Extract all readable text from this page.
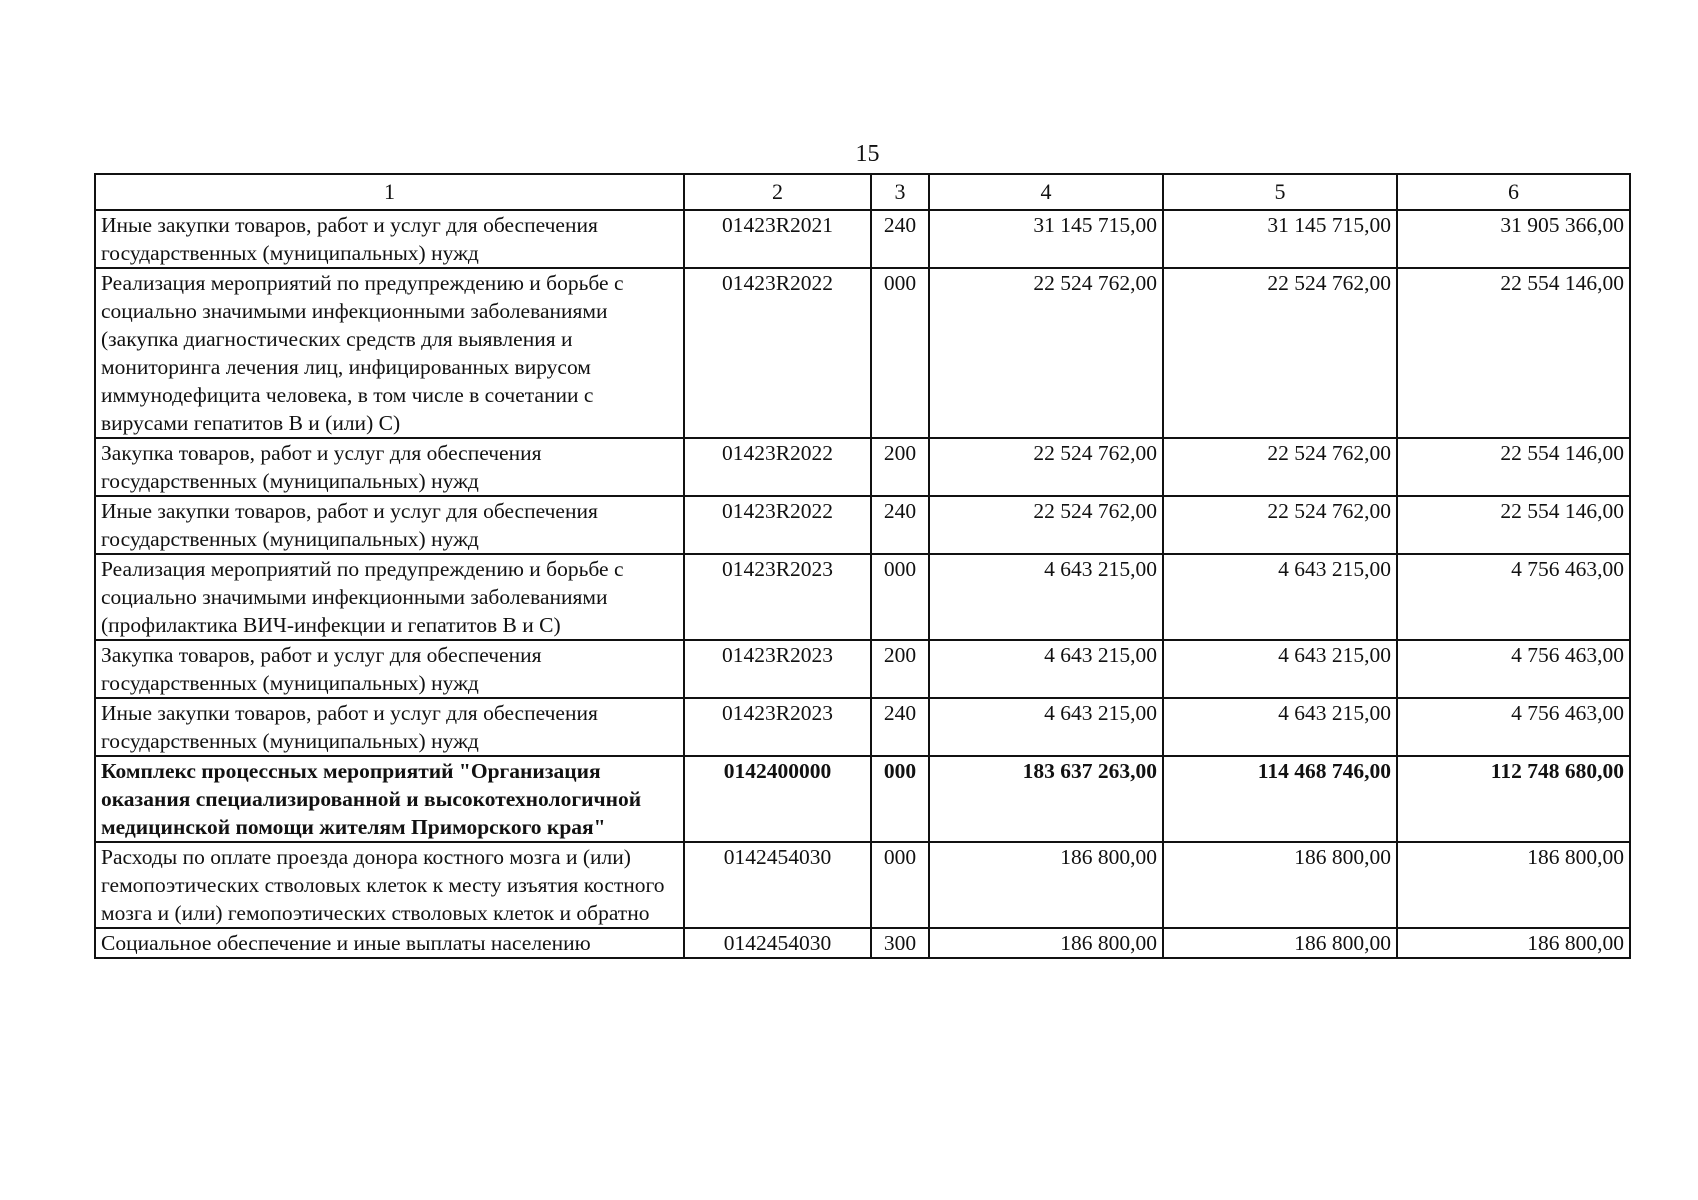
15
1	2	3	4	5	6
Иные закупки товаров, работ и услуг для обеспечения государственных (муниципальных) нужд	01423R2021	240	31 145 715,00	31 145 715,00	31 905 366,00
Реализация мероприятий по предупреждению и борьбе с социально значимыми инфекционными заболеваниями (закупка диагностических средств для выявления и мониторинга лечения лиц, инфицированных вирусом иммунодефицита человека, в том числе в сочетании с вирусами гепатитов B и (или) C)	01423R2022	000	22 524 762,00	22 524 762,00	22 554 146,00
Закупка товаров, работ и услуг для обеспечения государственных (муниципальных) нужд	01423R2022	200	22 524 762,00	22 524 762,00	22 554 146,00
Иные закупки товаров, работ и услуг для обеспечения государственных (муниципальных) нужд	01423R2022	240	22 524 762,00	22 524 762,00	22 554 146,00
Реализация мероприятий по предупреждению и борьбе с социально значимыми инфекционными заболеваниями (профилактика ВИЧ-инфекции и гепатитов B и C)	01423R2023	000	4 643 215,00	4 643 215,00	4 756 463,00
Закупка товаров, работ и услуг для обеспечения государственных (муниципальных) нужд	01423R2023	200	4 643 215,00	4 643 215,00	4 756 463,00
Иные закупки товаров, работ и услуг для обеспечения государственных (муниципальных) нужд	01423R2023	240	4 643 215,00	4 643 215,00	4 756 463,00
Комплекс процессных мероприятий "Организация оказания специализированной и высокотехнологичной медицинской помощи жителям Приморского края"	0142400000	000	183 637 263,00	114 468 746,00	112 748 680,00
Расходы по оплате проезда донора костного мозга и (или) гемопоэтических стволовых клеток к месту изъятия костного мозга и (или) гемопоэтических стволовых клеток и обратно	0142454030	000	186 800,00	186 800,00	186 800,00
Социальное обеспечение и иные выплаты населению	0142454030	300	186 800,00	186 800,00	186 800,00
